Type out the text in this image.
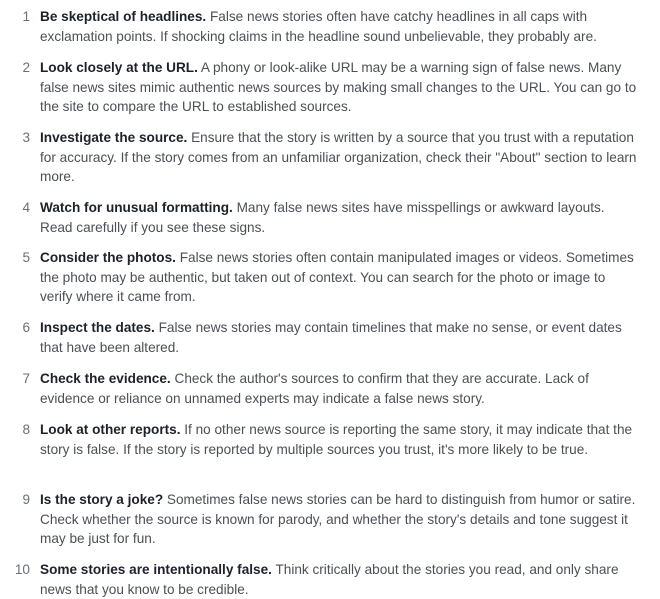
1 Be skeptical of headlines. False news stories often have catchy headlines in all caps with exclamation points. If shocking claims in the headline sound unbelievable, they probably are.
2 Look closely at the URL. A phony or look-alike URL may be a warning sign of false news. Many false news sites mimic authentic news sources by making small changes to the URL. You can go to the site to compare the URL to established sources.
3 Investigate the source. Ensure that the story is written by a source that you trust with a reputation for accuracy. If the story comes from an unfamiliar organization, check their "About" section to learn more.
4 Watch for unusual formatting. Many false news sites have misspellings or awkward layouts. Read carefully if you see these signs.
5 Consider the photos. False news stories often contain manipulated images or videos. Sometimes the photo may be authentic, but taken out of context. You can search for the photo or image to verify where it came from.
6 Inspect the dates. False news stories may contain timelines that make no sense, or event dates that have been altered.
7 Check the evidence. Check the author's sources to confirm that they are accurate. Lack of evidence or reliance on unnamed experts may indicate a false news story.
8 Look at other reports. If no other news source is reporting the same story, it may indicate that the story is false. If the story is reported by multiple sources you trust, it's more likely to be true.
9 Is the story a joke? Sometimes false news stories can be hard to distinguish from humor or satire. Check whether the source is known for parody, and whether the story's details and tone suggest it may be just for fun.
10 Some stories are intentionally false. Think critically about the stories you read, and only share news that you know to be credible.
